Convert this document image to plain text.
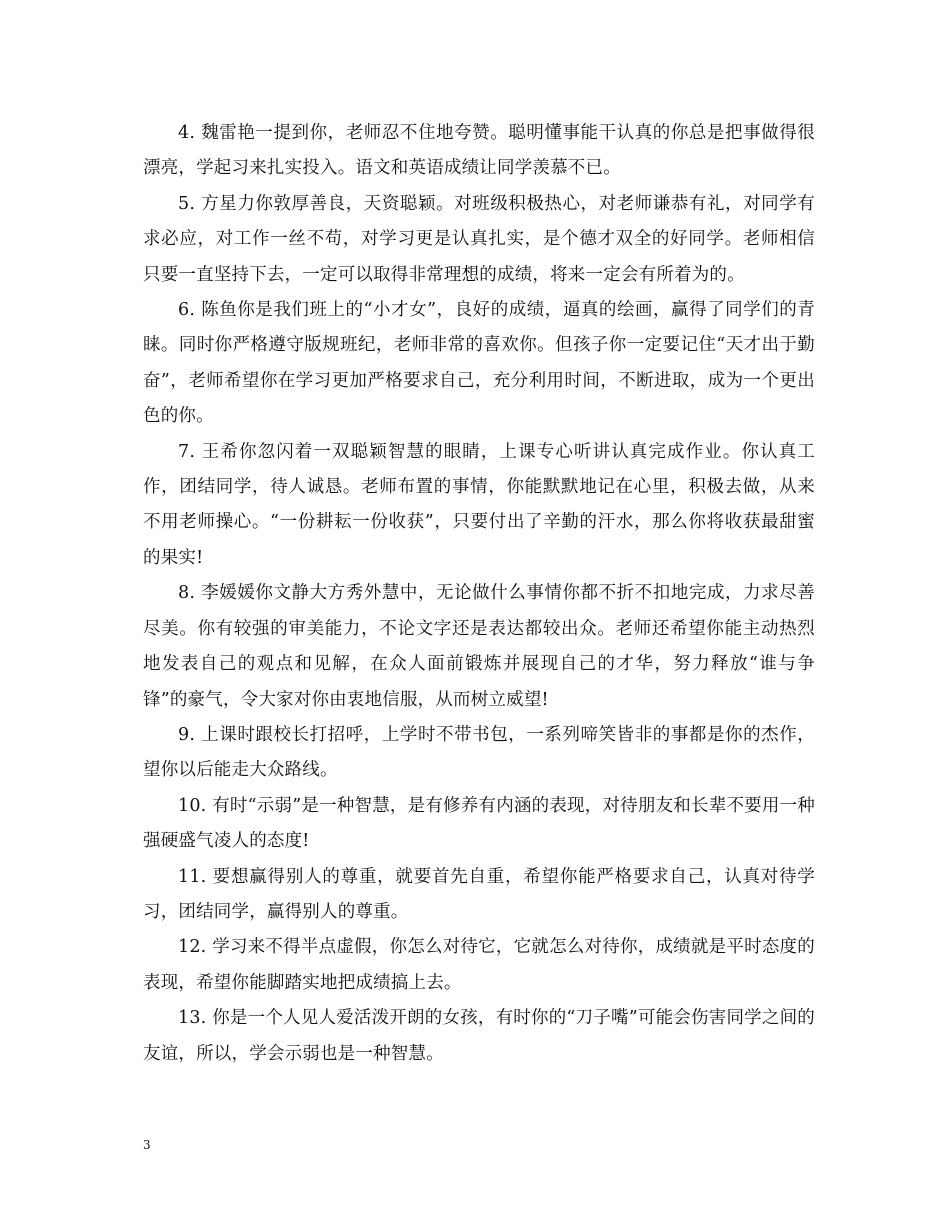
4. 魏雷艳一提到你，老师忍不住地夸赞。聪明懂事能干认真的你总是把事做得很漂亮，学起习来扎实投入。语文和英语成绩让同学羡慕不已。

5. 方星力你敦厚善良，天资聪颖。对班级积极热心，对老师谦恭有礼，对同学有求必应，对工作一丝不苟，对学习更是认真扎实，是个德才双全的好同学。老师相信只要一直坚持下去，一定可以取得非常理想的成绩，将来一定会有所着为的。

6. 陈鱼你是我们班上的“小才女”，良好的成绩，逼真的绘画，赢得了同学们的青睐。同时你严格遵守版规班纪，老师非常的喜欢你。但孩子你一定要记住“天才出于勤奋”，老师希望你在学习更加严格要求自己，充分利用时间，不断进取，成为一个更出色的你。

7. 王希你忽闪着一双聪颖智慧的眼睛，上课专心听讲认真完成作业。你认真工作，团结同学，待人诚恳。老师布置的事情，你能默默地记在心里，积极去做，从来不用老师操心。“一份耕耘一份收获”，只要付出了辛勤的汗水，那么你将收获最甜蜜的果实!

8. 李媛媛你文静大方秀外慧中，无论做什么事情你都不折不扣地完成，力求尽善尽美。你有较强的审美能力，不论文字还是表达都较出众。老师还希望你能主动热烈地发表自己的观点和见解，在众人面前锻炼并展现自己的才华，努力释放“谁与争锋”的豪气，令大家对你由衷地信服，从而树立威望!

9. 上课时跟校长打招呼，上学时不带书包，一系列啼笑皆非的事都是你的杰作，望你以后能走大众路线。

10. 有时“示弱”是一种智慧，是有修养有内涵的表现，对待朋友和长辈不要用一种强硬盛气凌人的态度!

11. 要想赢得别人的尊重，就要首先自重，希望你能严格要求自己，认真对待学习，团结同学，赢得别人的尊重。

12. 学习来不得半点虚假，你怎么对待它，它就怎么对待你，成绩就是平时态度的表现，希望你能脚踏实地把成绩搞上去。

13. 你是一个人见人爱活泼开朗的女孩，有时你的“刀子嘴”可能会伤害同学之间的友谊，所以，学会示弱也是一种智慧。

3
